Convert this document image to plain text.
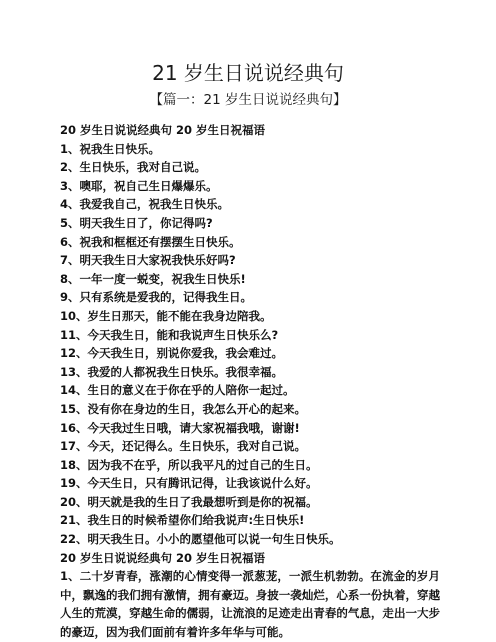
21 岁生日说说经典句
【篇一：21 岁生日说说经典句】
20 岁生日说说经典句 20 岁生日祝福语
1、祝我生日快乐。
2、生日快乐，我对自己说。
3、噢耶，祝自己生日爆爆乐。
4、我爱我自己，祝我生日快乐。
5、明天我生日了，你记得吗?
6、祝我和框框还有摆摆生日快乐。
7、明天我生日大家祝我快乐好吗?
8、一年一度一蜕变，祝我生日快乐!
9、只有系统是爱我的，记得我生日。
10、岁生日那天，能不能在我身边陪我。
11、今天我生日，能和我说声生日快乐么?
12、今天我生日，别说你爱我，我会难过。
13、我爱的人都祝我生日快乐。我很幸福。
14、生日的意义在于你在乎的人陪你一起过。
15、没有你在身边的生日，我怎么开心的起来。
16、今天我过生日哦，请大家祝福我哦，谢谢!
17、今天，还记得么。生日快乐，我对自己说。
18、因为我不在乎，所以我平凡的过自己的生日。
19、今天生日，只有腾讯记得，让我该说什么好。
20、明天就是我的生日了我最想听到是你的祝福。
21、我生日的时候希望你们给我说声:生日快乐!
22、明天我生日。小小的愿望他可以说一句生日快乐。
20 岁生日说说经典句 20 岁生日祝福语
1、二十岁青春，涨潮的心情变得一派葱茏，一派生机勃勃。在流金的岁月中，飘逸的我们拥有激情，拥有豪迈。身披一袭灿烂，心系一份执着，穿越人生的荒漠，穿越生命的儒弱，让流浪的足迹走出青春的气息，走出一大步的豪迈，因为我们面前有着许多年华与可能。
